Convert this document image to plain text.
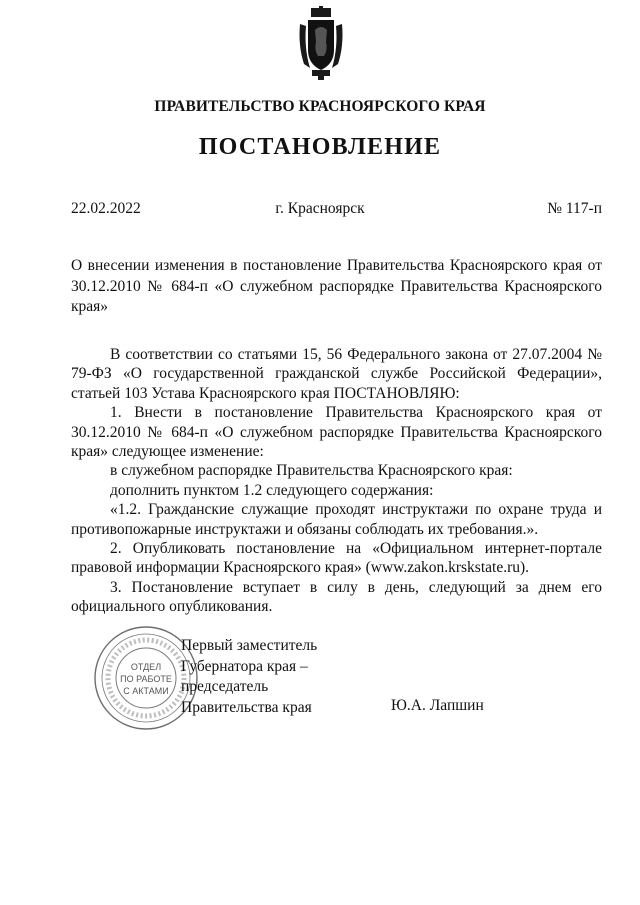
ПРАВИТЕЛЬСТВО КРАСНОЯРСКОГО КРАЯ
ПОСТАНОВЛЕНИЕ
22.02.2022	г. Красноярск	№ 117-п
О внесении изменения в постановление Правительства Красноярского края от 30.12.2010 № 684-п «О служебном распорядке Правительства Красноярского края»

В соответствии со статьями 15, 56 Федерального закона от 27.07.2004 № 79-ФЗ «О государственной гражданской службе Российской Федерации», статьей 103 Устава Красноярского края ПОСТАНОВЛЯЮ:

1. Внести в постановление Правительства Красноярского края от 30.12.2010 № 684-п «О служебном распорядке Правительства Красноярского края» следующее изменение:

в служебном распорядке Правительства Красноярского края:

дополнить пунктом 1.2 следующего содержания:

«1.2. Гражданские служащие проходят инструктажи по охране труда и противопожарные инструктажи и обязаны соблюдать их требования.».

2. Опубликовать постановление на «Официальном интернет-портале правовой информации Красноярского края» (www.zakon.krskstate.ru).

3. Постановление вступает в силу в день, следующий за днем его официального опубликования.

ОТДЕЛ
ПО РАБОТЕ
С АКТАМИ
Первый заместитель
Губернатора края –
председатель
Правительства края	Ю.А. Лапшин
